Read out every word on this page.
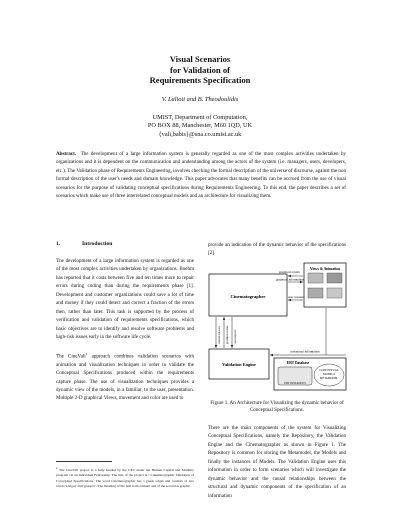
Visual Scenarios
for Validation of
Requirements Specification
V. Lalioti and B. Theodoulidis
UMIST, Department of Computation,
PO BOX 88, Manchester, M60 1QD, UK
{vali,babis}@sna.co.umist.ac.uk
Abstract. The development of a large information system is generally regarded as one of the most complex activities undertaken by organizations and it is dependent on the communication and understanding among the actors of the system (i.e. managers, users, developers, etc.). The Validation phase of Requirements Engineering, involves checking the formal description of the universe of discourse, against the non formal description of the user's needs and domain knowledge. This paper advocates that many benefits can be accrued from the use of visual scenarios for the purpose of validating conceptual specifications during Requirements Engineering. To this end, the paper describes a set of scenarios which make use of three interrelated conceptual models and an architecture for visualizing them.
1.	Introduction

The development of a large information system is regarded as one of the most complex activities undertaken by organizations. Boehm has reported that it costs between five and ten times more to repair errors during coding than during the requirements phase [1]. Development and customer organizations could save a lot of time and money if they could detect and correct a fraction of the errors then, rather than later. This task is supported by the process of verification and validation of requirements specifications, which basic objectives are to identify and resolve software problems and high-risk issues early in the software life cycle.

The CineVali$^1$ approach combines validation scenarios with animation and visualization techniques in order to validate the Conceptual Specifications produced within the requirements capture phase. The use of visualization techniques provides a dynamic view of the models, in a familiar, to the user, presentation. Multiple 2-D graphical Views, movement and color are used to

$^1$ The CineVali project is a fully funded by the CEC under the Human Capital and Mobility program via an Individual Fellowship. The title of the project is : Cinematographic Validation of Conceptual Specifications. The word Cinematographic has a greek origin and consists of two words 'κίνημα' and 'γράφειν'. The meaning of the first is movement and of the second is graphic.

provide an indication of the dynamic behavior of the specifications [2].

Cinematographer
Views & Animation
graphical events
graphical information
user requests
control requests graphical events user requests
Validation Engine
conceptual information
ERT Database
ERT INSTANCES
CONCEPTUAL
MODELS
METAMODEL
Figure 1. An Architecture for Visualizing the dynamic behavior of Conceptual Specifications.

There are the main components of the system for Visualizing Conceptual Specifications, namely the Repository, the Validation Engine and the Cinematographer as shown in Figure 1. The Repository is common for storing the Metamodel, the Models and finally the instances of Models. The Validation Engine uses this information in order to form scenarios which will investigate the dynamic behavior and the causal relationships between the structural and dynamic components of the specification of an information
